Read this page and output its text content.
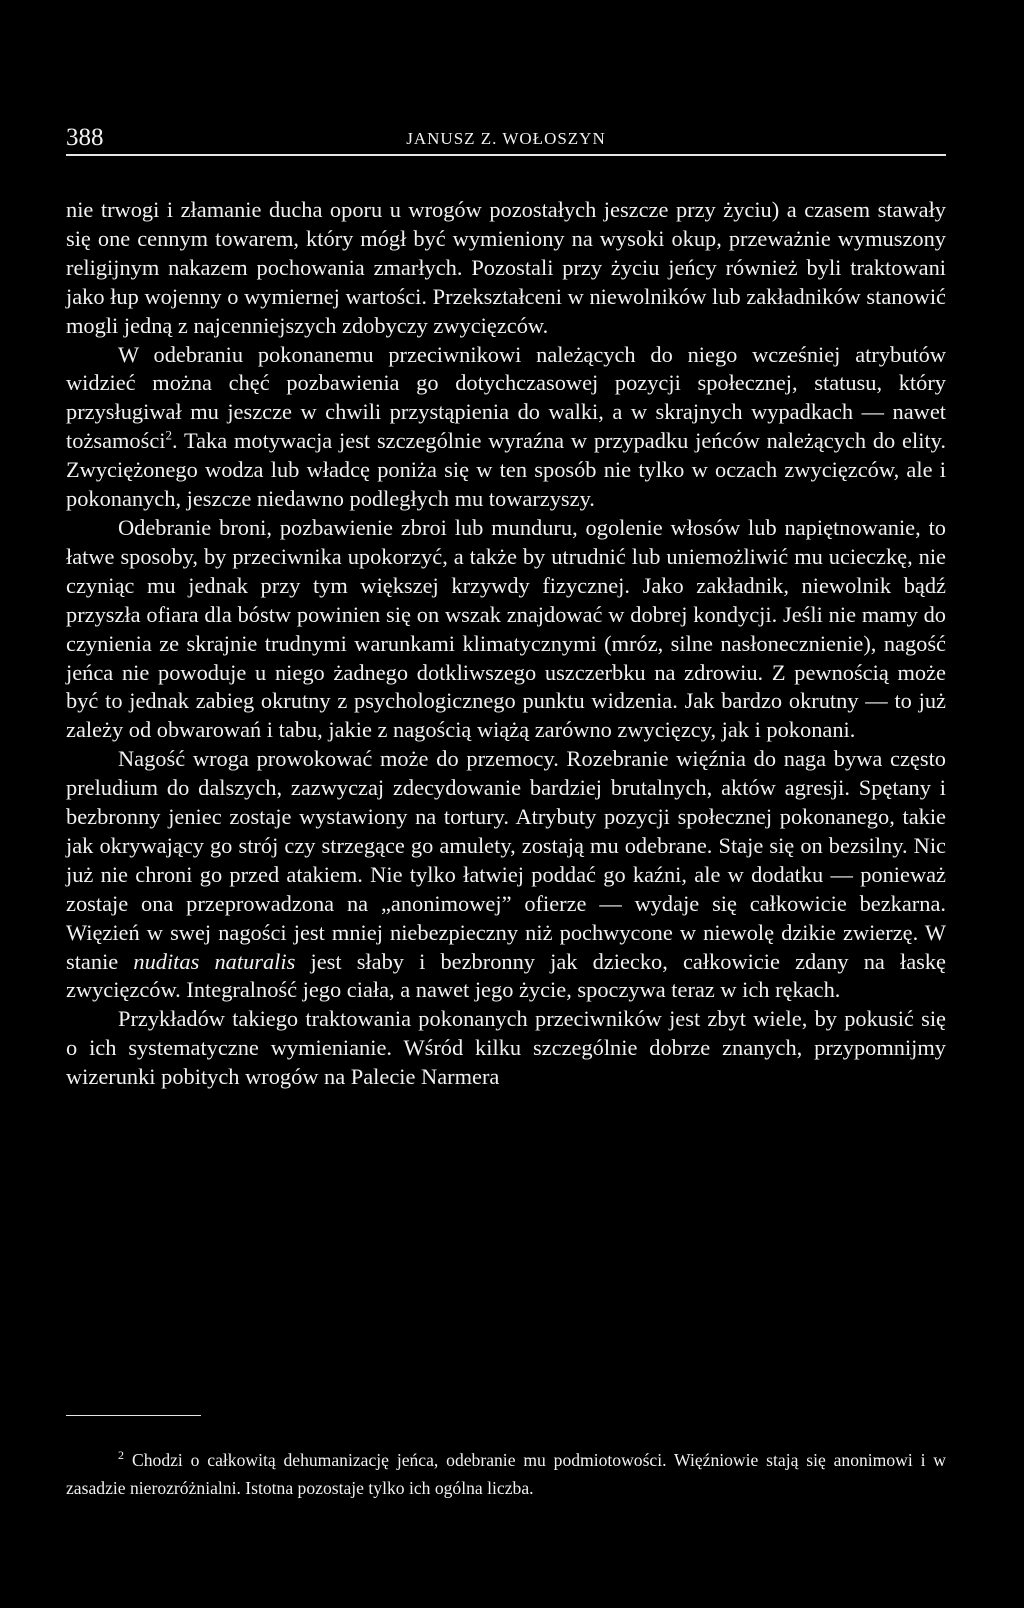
388	JANUSZ Z. WOŁOSZYN

nie trwogi i złamanie ducha oporu u wrogów pozostałych jeszcze przy życiu) a czasem stawały się one cennym towarem, który mógł być wymieniony na wysoki okup, przeważnie wymuszony religijnym nakazem pochowania zmarłych. Pozostali przy życiu jeńcy również byli traktowani jako łup wojenny o wymiernej wartości. Przekształceni w niewolników lub zakładników stanowić mogli jedną z najcenniejszych zdobyczy zwycięzców.

W odebraniu pokonanemu przeciwnikowi należących do niego wcześniej atrybutów widzieć można chęć pozbawienia go dotychczasowej pozycji społecznej, statusu, który przysługiwał mu jeszcze w chwili przystąpienia do walki, a w skrajnych wypadkach — nawet tożsamości$^2$. Taka motywacja jest szczególnie wyraźna w przypadku jeńców należących do elity. Zwyciężonego wodza lub władcę poniża się w ten sposób nie tylko w oczach zwycięzców, ale i pokonanych, jeszcze niedawno podległych mu towarzyszy.

Odebranie broni, pozbawienie zbroi lub munduru, ogolenie włosów lub napiętnowanie, to łatwe sposoby, by przeciwnika upokorzyć, a także by utrudnić lub uniemożliwić mu ucieczkę, nie czyniąc mu jednak przy tym większej krzywdy fizycznej. Jako zakładnik, niewolnik bądź przyszła ofiara dla bóstw powinien się on wszak znajdować w dobrej kondycji. Jeśli nie mamy do czynienia ze skrajnie trudnymi warunkami klimatycznymi (mróz, silne nasłonecznienie), nagość jeńca nie powoduje u niego żadnego dotkliwszego uszczerbku na zdrowiu. Z pewnością może być to jednak zabieg okrutny z psychologicznego punktu widzenia. Jak bardzo okrutny — to już zależy od obwarowań i tabu, jakie z nagością wiążą zarówno zwycięzcy, jak i pokonani.

Nagość wroga prowokować może do przemocy. Rozebranie więźnia do naga bywa często preludium do dalszych, zazwyczaj zdecydowanie bardziej brutalnych, aktów agresji. Spętany i bezbronny jeniec zostaje wystawiony na tortury. Atrybuty pozycji społecznej pokonanego, takie jak okrywający go strój czy strzegące go amulety, zostają mu odebrane. Staje się on bezsilny. Nic już nie chroni go przed atakiem. Nie tylko łatwiej poddać go kaźni, ale w dodatku — ponieważ zostaje ona przeprowadzona na „anonimowej” ofierze — wydaje się całkowicie bezkarna. Więzień w swej nagości jest mniej niebezpieczny niż pochwycone w niewolę dzikie zwierzę. W stanie nuditas naturalis jest słaby i bezbronny jak dziecko, całkowicie zdany na łaskę zwycięzców. Integralność jego ciała, a nawet jego życie, spoczywa teraz w ich rękach.

Przykładów takiego traktowania pokonanych przeciwników jest zbyt wiele, by pokusić się o ich systematyczne wymienianie. Wśród kilku szczególnie dobrze znanych, przypomnijmy wizerunki pobitych wrogów na Palecie Narmera

$^2$ Chodzi o całkowitą dehumanizację jeńca, odebranie mu podmiotowości. Więźniowie stają się anonimowi i w zasadzie nierozróżnialni. Istotna pozostaje tylko ich ogólna liczba.
